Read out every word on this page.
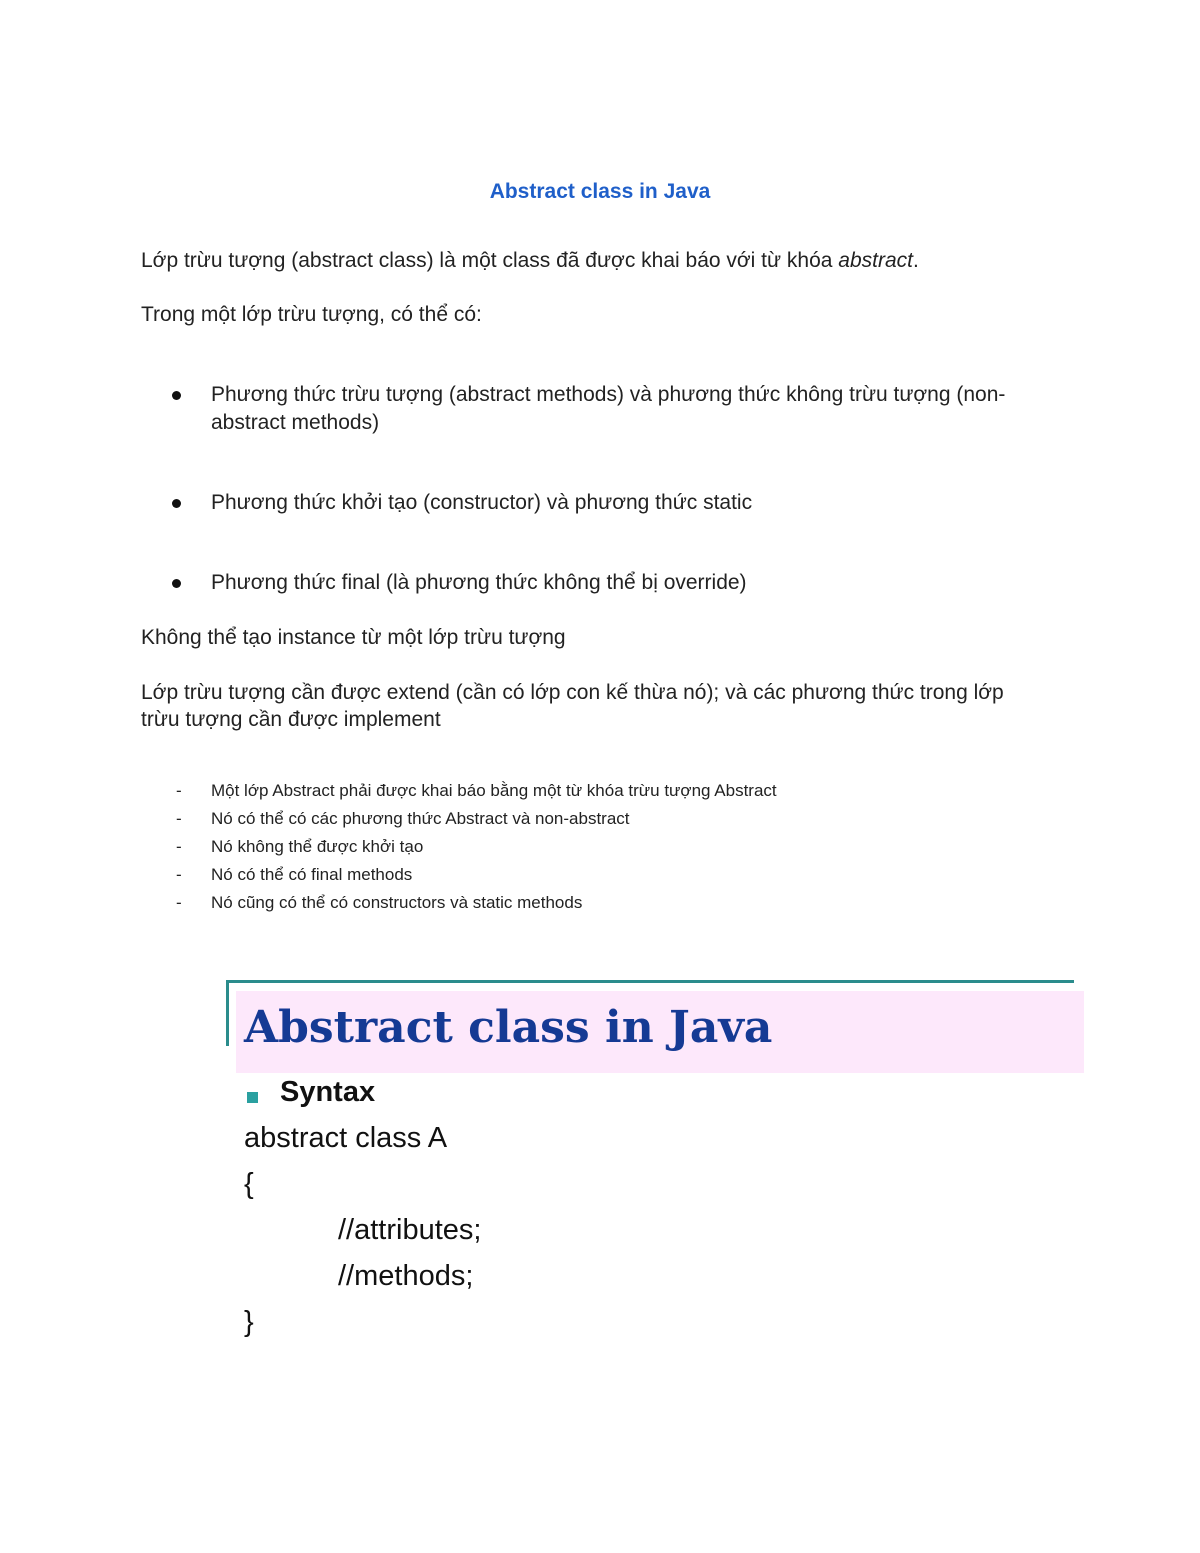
Abstract class in Java

Lớp trừu tượng (abstract class) là một class đã được khai báo với từ khóa abstract.

Trong một lớp trừu tượng, có thể có:

Phương thức trừu tượng (abstract methods) và phương thức không trừu tượng (non-abstract methods)
Phương thức khởi tạo (constructor) và phương thức static
Phương thức final (là phương thức không thể bị override)

Không thể tạo instance từ một lớp trừu tượng

Lớp trừu tượng cần được extend (cần có lớp con kế thừa nó); và các phương thức trong lớp trừu tượng cần được implement

- Một lớp Abstract phải được khai báo bằng một từ khóa trừu tượng Abstract
- Nó có thể có các phương thức Abstract và non-abstract
- Nó không thể được khởi tạo
- Nó có thể có final methods
- Nó cũng có thể có constructors và static methods
Abstract class in Java
Syntax
abstract class A
{
//attributes;
//methods;
}
